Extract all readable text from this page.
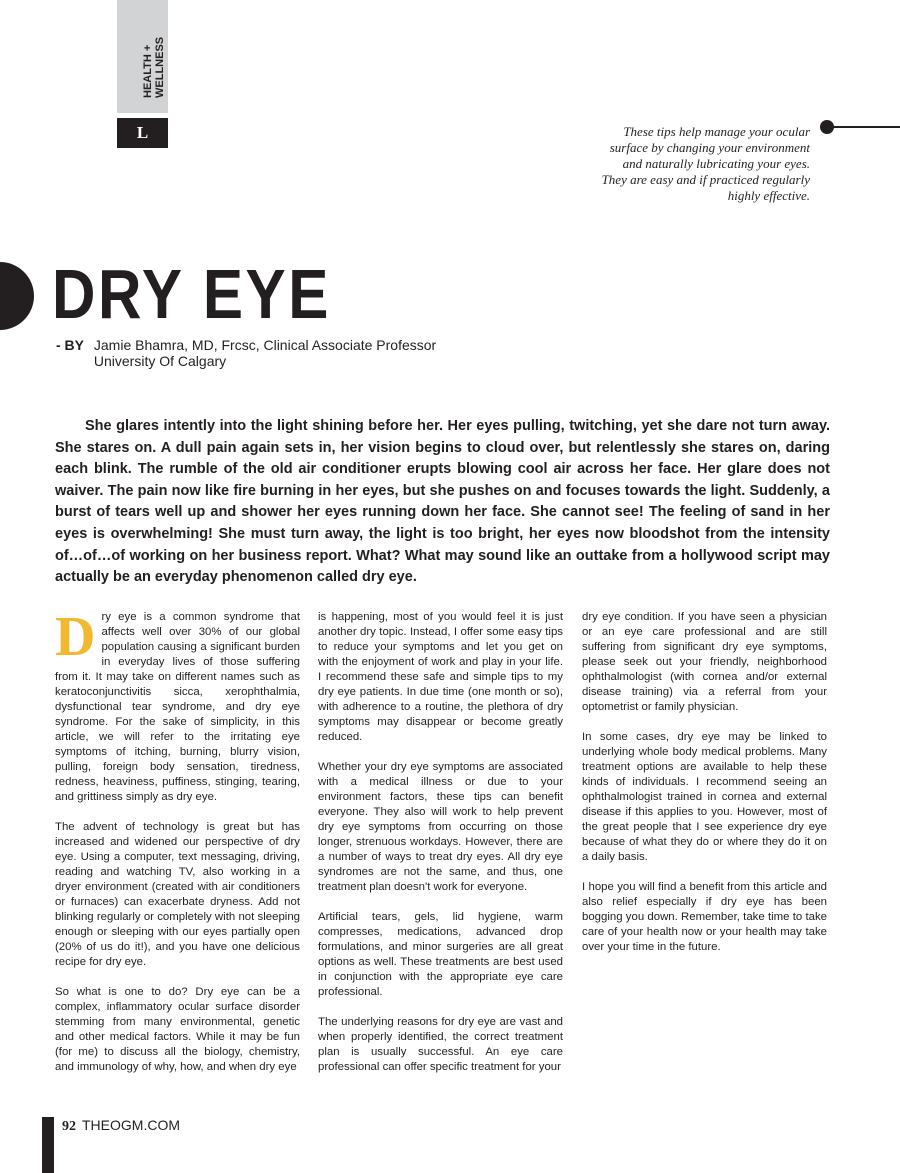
HEALTH + WELLNESS
L	These tips help manage your ocular surface by changing your environment and naturally lubricating your eyes. They are easy and if practiced regularly highly effective.

DRY EYE
- BY Jamie Bhamra, MD, Frcsc, Clinical Associate Professor
University Of Calgary

She glares intently into the light shining before her. Her eyes pulling, twitching, yet she dare not turn away. She stares on. A dull pain again sets in, her vision begins to cloud over, but relentlessly she stares on, daring each blink. The rumble of the old air conditioner erupts blowing cool air across her face. Her glare does not waiver. The pain now like fire burning in her eyes, but she pushes on and focuses towards the light. Suddenly, a burst of tears well up and shower her eyes running down her face. She cannot see! The feeling of sand in her eyes is overwhelming! She must turn away, the light is too bright, her eyes now bloodshot from the intensity of…of…of working on her business report. What? What may sound like an outtake from a hollywood script may actually be an everyday phenomenon called dry eye.

Dry eye is a common syndrome that affects well over 30% of our global population causing a significant burden in everyday lives of those suffering from it. It may take on different names such as keratoconjunctivitis sicca, xerophthalmia, dysfunctional tear syndrome, and dry eye syndrome. For the sake of simplicity, in this article, we will refer to the irritating eye symptoms of itching, burning, blurry vision, pulling, foreign body sensation, tiredness, redness, heaviness, puffiness, stinging, tearing, and grittiness simply as dry eye.

The advent of technology is great but has increased and widened our perspective of dry eye. Using a computer, text messaging, driving, reading and watching TV, also working in a dryer environment (created with air conditioners or furnaces) can exacerbate dryness. Add not blinking regularly or completely with not sleeping enough or sleeping with our eyes partially open (20% of us do it!), and you have one delicious recipe for dry eye.

So what is one to do? Dry eye can be a complex, inflammatory ocular surface disorder stemming from many environmental, genetic and other medical factors. While it may be fun (for me) to discuss all the biology, chemistry, and immunology of why, how, and when dry eye

is happening, most of you would feel it is just another dry topic. Instead, I offer some easy tips to reduce your symptoms and let you get on with the enjoyment of work and play in your life. I recommend these safe and simple tips to my dry eye patients. In due time (one month or so), with adherence to a routine, the plethora of dry symptoms may disappear or become greatly reduced.

Whether your dry eye symptoms are associated with a medical illness or due to your environment factors, these tips can benefit everyone. They also will work to help prevent dry eye symptoms from occurring on those longer, strenuous workdays. However, there are a number of ways to treat dry eyes. All dry eye syndromes are not the same, and thus, one treatment plan doesn't work for everyone.

Artificial tears, gels, lid hygiene, warm compresses, medications, advanced drop formulations, and minor surgeries are all great options as well. These treatments are best used in conjunction with the appropriate eye care professional.

The underlying reasons for dry eye are vast and when properly identified, the correct treatment plan is usually successful. An eye care professional can offer specific treatment for your

dry eye condition. If you have seen a physician or an eye care professional and are still suffering from significant dry eye symptoms, please seek out your friendly, neighborhood ophthalmologist (with cornea and/or external disease training) via a referral from your optometrist or family physician.

In some cases, dry eye may be linked to underlying whole body medical problems. Many treatment options are available to help these kinds of individuals. I recommend seeing an ophthalmologist trained in cornea and external disease if this applies to you. However, most of the great people that I see experience dry eye because of what they do or where they do it on a daily basis.

I hope you will find a benefit from this article and also relief especially if dry eye has been bogging you down. Remember, take time to take care of your health now or your health may take over your time in the future.

92 THEOGM.COM
